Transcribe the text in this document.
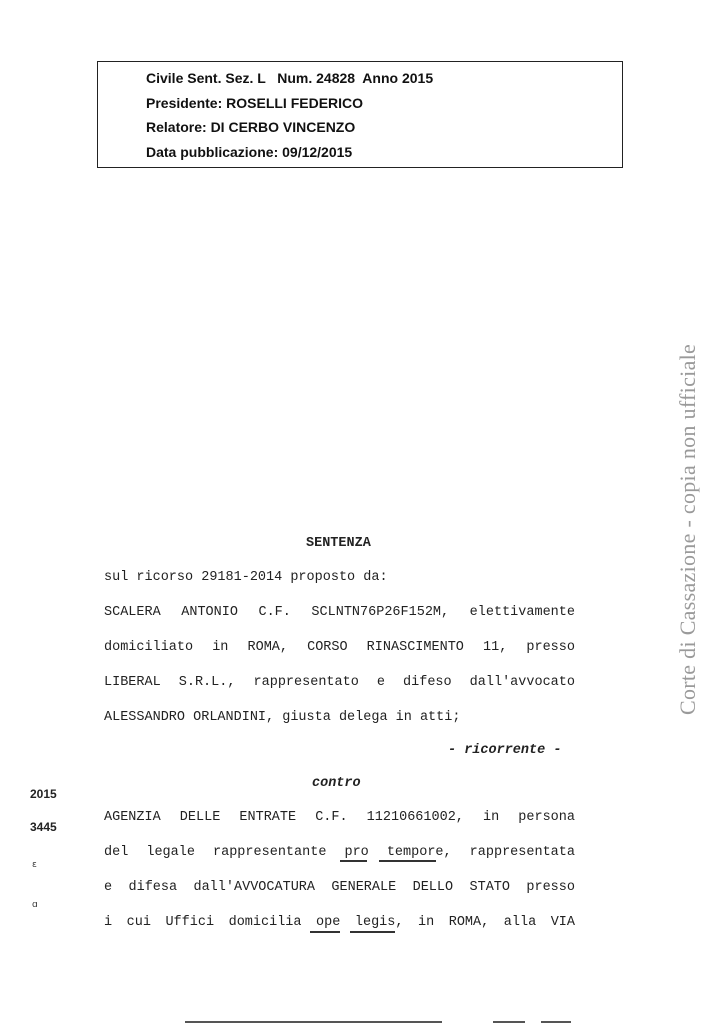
Civile Sent. Sez. L   Num. 24828  Anno 2015
Presidente: ROSELLI FEDERICO
Relatore: DI CERBO VINCENZO
Data pubblicazione: 09/12/2015
Corte di Cassazione - copia non ufficiale
SENTENZA
sul ricorso 29181-2014 proposto da:
SCALERA ANTONIO C.F. SCLNTN76P26F152M, elettivamente
domiciliato in ROMA, CORSO RINASCIMENTO 11, presso
LIBERAL S.R.L., rappresentato e difeso dall'avvocato
ALESSANDRO ORLANDINI, giusta delega in atti;
- ricorrente -
contro
2015
3445
ɛ
ɑ
AGENZIA DELLE ENTRATE C.F. 11210661002, in persona
del legale rappresentante pro tempore, rappresentata
e difesa dall'AVVOCATURA GENERALE DELLO STATO presso
i cui Uffici domicilia ope legis, in ROMA, alla VIA
